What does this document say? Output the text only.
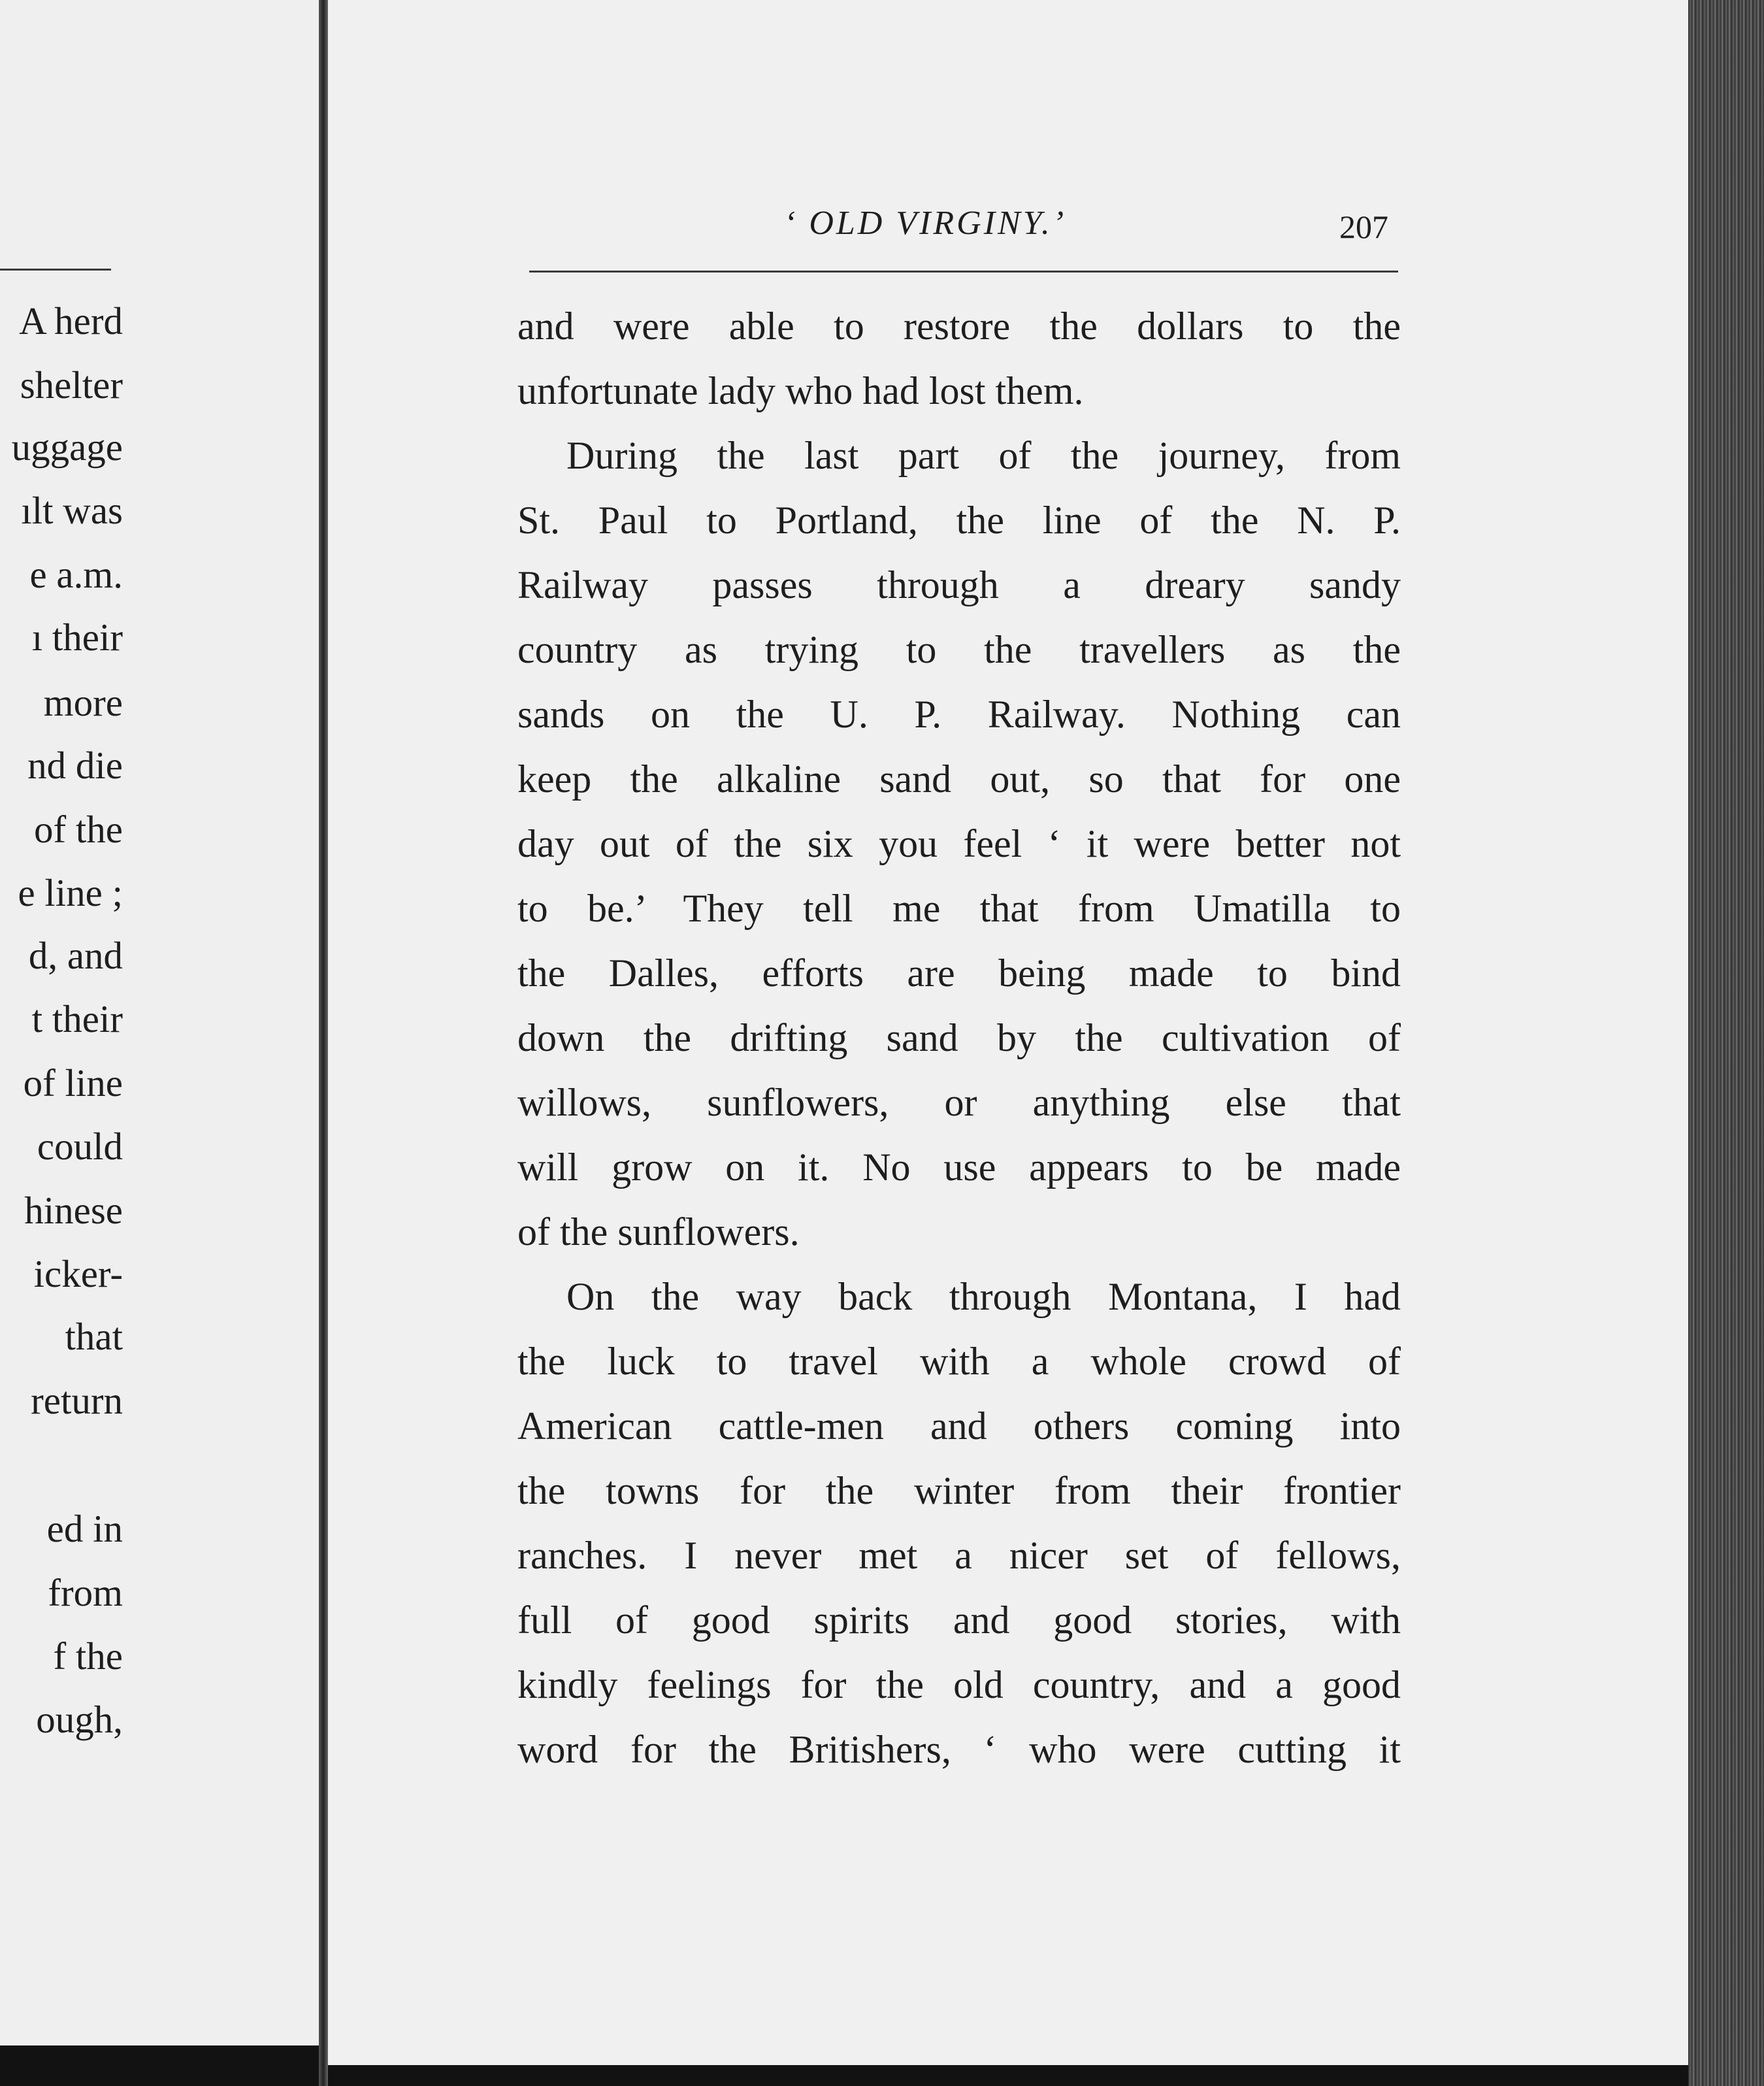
A herd
shelter
uggage
ılt was
e a.m.
ı their
more
nd die
of the
e line ;
d, and
t their
of line
could
hinese
icker-
that
return
ed in
from
f the
ough,
‘ OLD VIRGINY.’	207
and were able to restore the dollars to the
unfortunate lady who had lost them.
During the last part of the journey, from
St. Paul to Portland, the line of the N. P.
Railway passes through a dreary sandy
country as trying to the travellers as the
sands on the U. P. Railway. Nothing can
keep the alkaline sand out, so that for one
day out of the six you feel ‘ it were better not
to be.’ They tell me that from Umatilla to
the Dalles, efforts are being made to bind
down the drifting sand by the cultivation of
willows, sunflowers, or anything else that
will grow on it. No use appears to be made
of the sunflowers.
On the way back through Montana, I had
the luck to travel with a whole crowd of
American cattle-men and others coming into
the towns for the winter from their frontier
ranches. I never met a nicer set of fellows,
full of good spirits and good stories, with
kindly feelings for the old country, and a good
word for the Britishers, ‘ who were cutting it
